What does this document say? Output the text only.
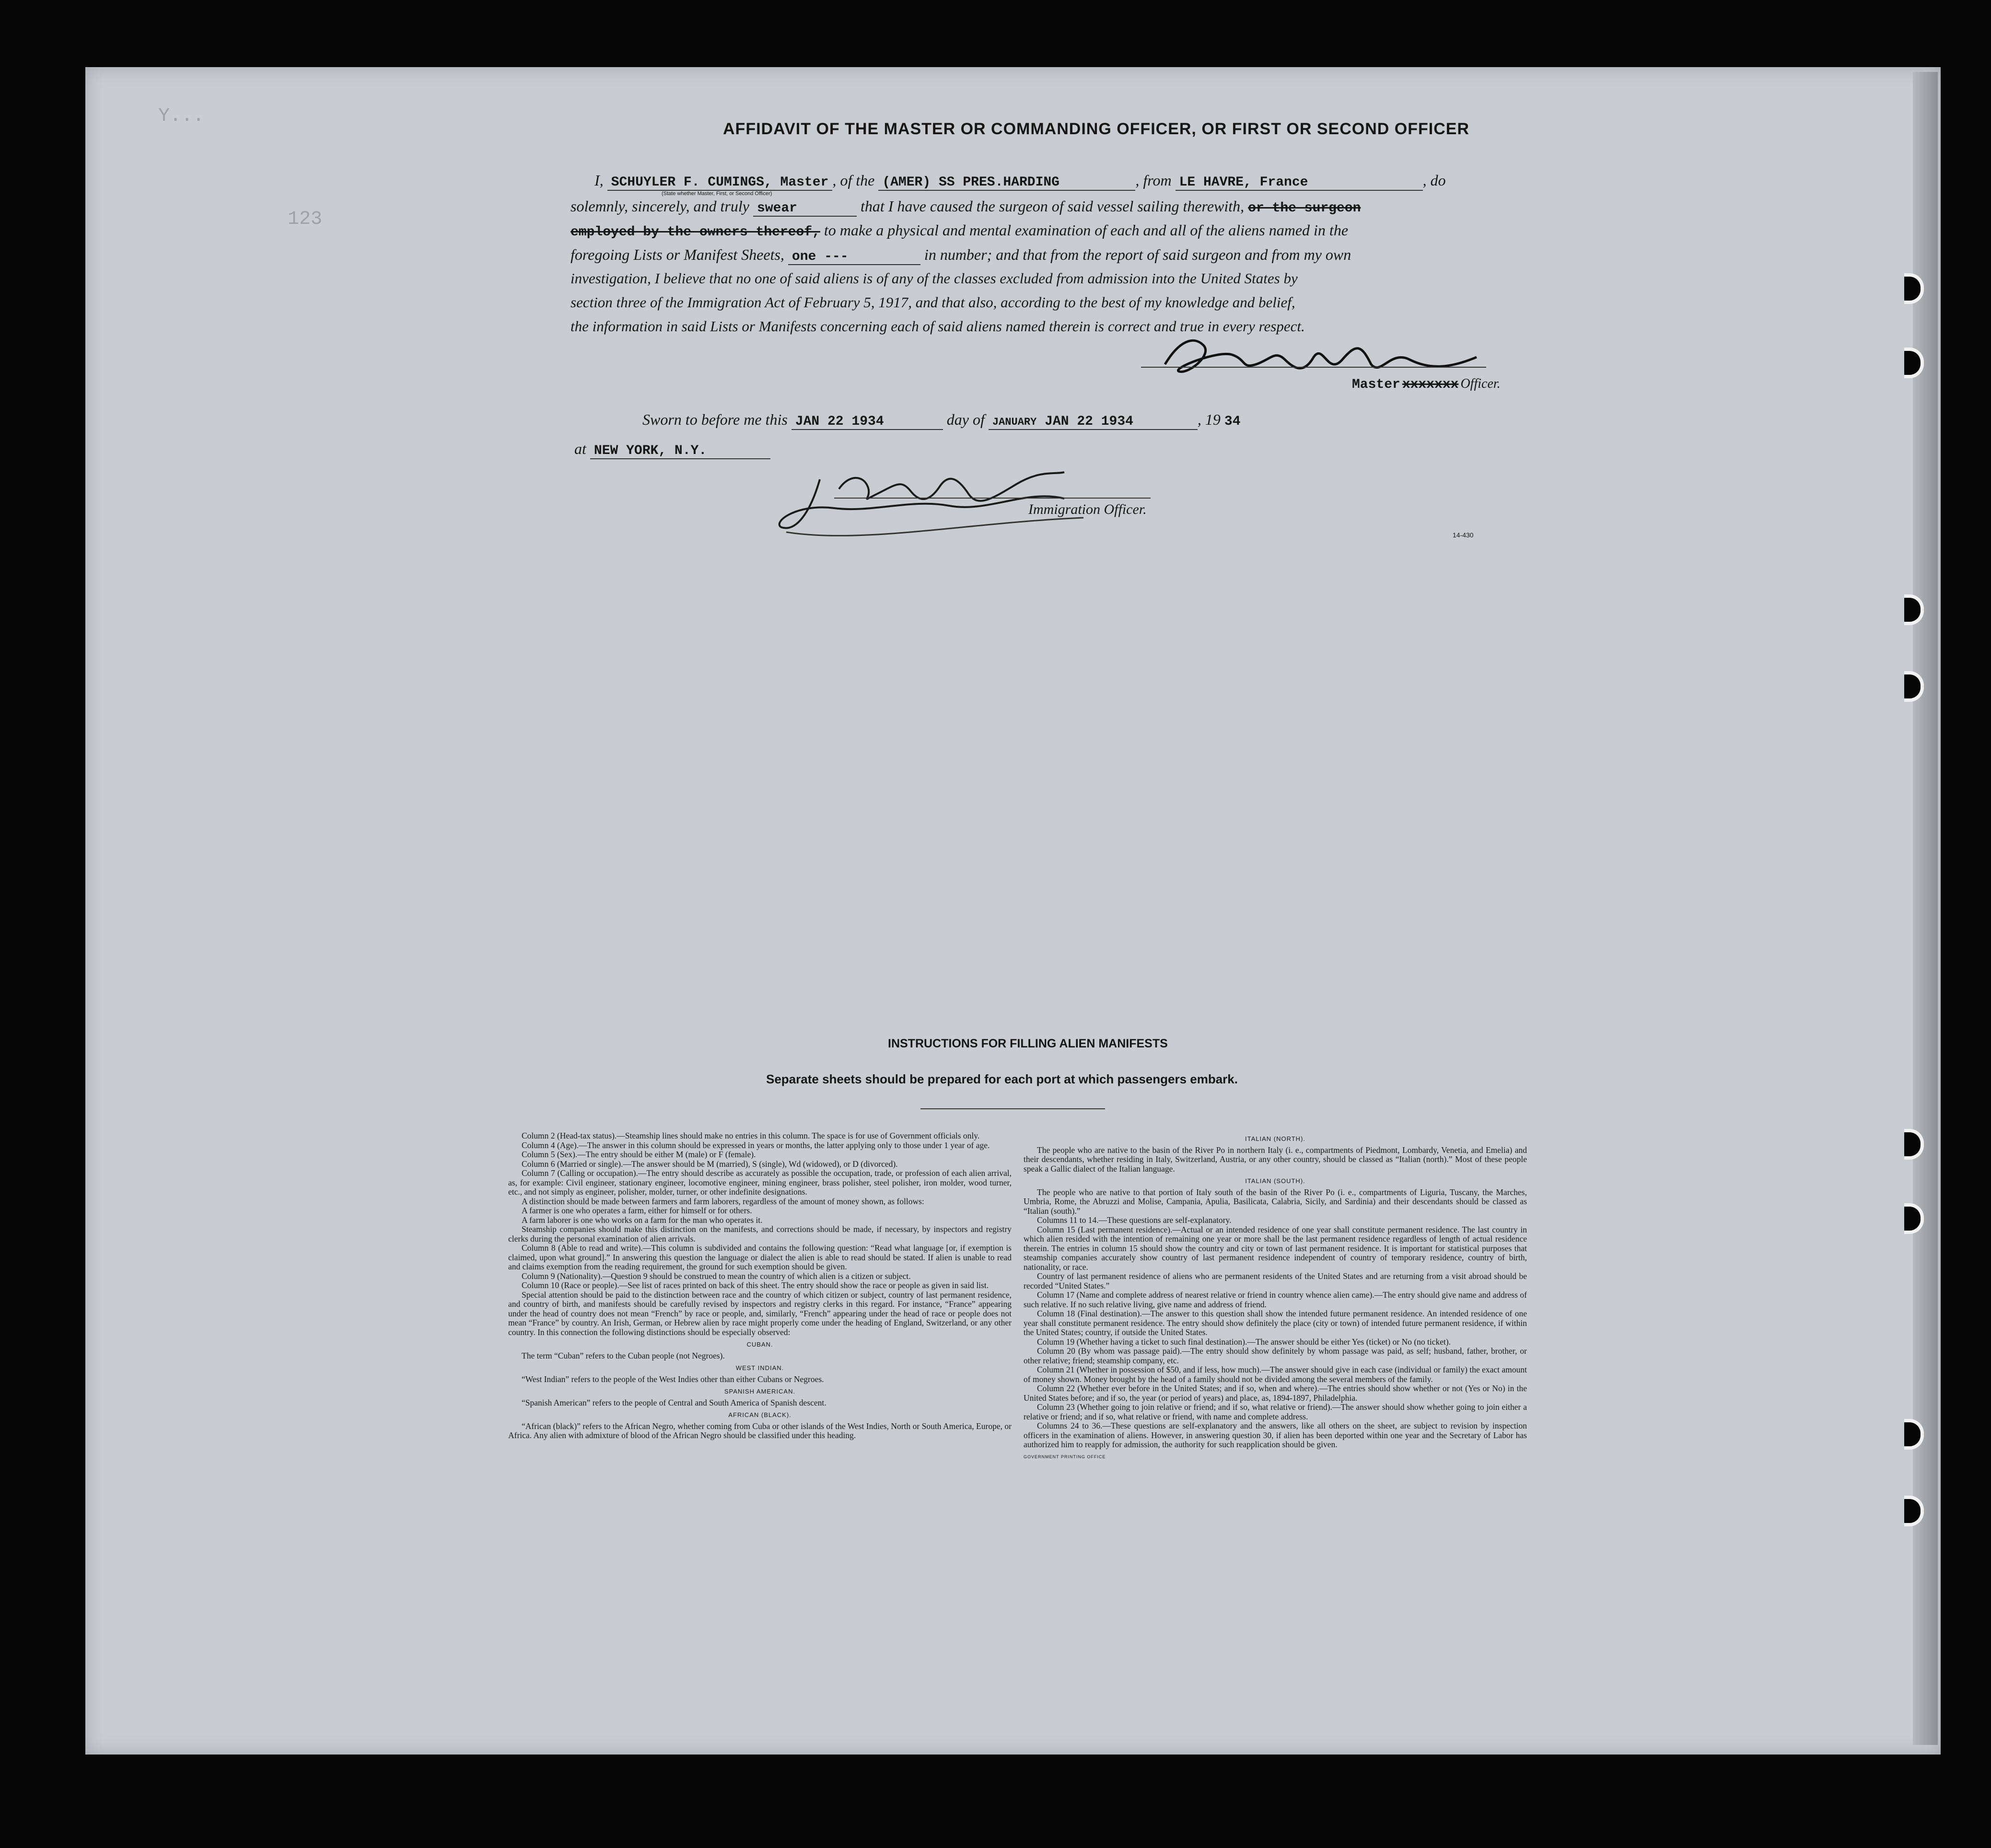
Y...
123
AFFIDAVIT OF THE MASTER OR COMMANDING OFFICER, OR FIRST OR SECOND OFFICER
I, SCHUYLER F. CUMINGS, Master , of the (AMER) SS PRES.HARDING	, from LE HAVRE, France	, do
(State whether Master, First, or Second Officer)
solemnly, sincerely, and truly swear	that I have caused the surgeon of said vessel sailing therewith, or the surgeon
employed by the owners thereof, to make a physical and mental examination of each and all of the aliens named in the
foregoing Lists or Manifest Sheets, one ---	in number; and that from the report of said surgeon and from my own
investigation, I believe that no one of said aliens is of any of the classes excluded from admission into the United States by
section three of the Immigration Act of February 5, 1917, and that also, according to the best of my knowledge and belief,
the information in said Lists or Manifests concerning each of said aliens named therein is correct and true in every respect.
Master xxxxxxx Officer.
Sworn to before me this JAN 22 1934	day of JANUARY JAN 22 1934	, 19 34
at NEW YORK, N.Y.
Immigration Officer.
14-430
INSTRUCTIONS FOR FILLING ALIEN MANIFESTS
Separate sheets should be prepared for each port at which passengers embark.

Column 2 (Head-tax status).—Steamship lines should make no entries in this column. The space is for use of Government officials only.

Column 4 (Age).—The answer in this column should be expressed in years or months, the latter applying only to those under 1 year of age.

Column 5 (Sex).—The entry should be either M (male) or F (female).

Column 6 (Married or single).—The answer should be M (married), S (single), Wd (widowed), or D (divorced).

Column 7 (Calling or occupation).—The entry should describe as accurately as possible the occupation, trade, or profession of each alien arrival, as, for example: Civil engineer, stationary engineer, locomotive engineer, mining engineer, brass polisher, steel polisher, iron molder, wood turner, etc., and not simply as engineer, polisher, molder, turner, or other indefinite designations.

A distinction should be made between farmers and farm laborers, regardless of the amount of money shown, as follows:

A farmer is one who operates a farm, either for himself or for others.

A farm laborer is one who works on a farm for the man who operates it.

Steamship companies should make this distinction on the manifests, and corrections should be made, if necessary, by inspectors and registry clerks during the personal examination of alien arrivals.

Column 8 (Able to read and write).—This column is subdivided and contains the following question: “Read what language [or, if exemption is claimed, upon what ground].” In answering this question the language or dialect the alien is able to read should be stated. If alien is unable to read and claims exemption from the reading requirement, the ground for such exemption should be given.

Column 9 (Nationality).—Question 9 should be construed to mean the country of which alien is a citizen or subject.

Column 10 (Race or people).—See list of races printed on back of this sheet. The entry should show the race or people as given in said list.

Special attention should be paid to the distinction between race and the country of which citizen or subject, country of last permanent residence, and country of birth, and manifests should be carefully revised by inspectors and registry clerks in this regard. For instance, “France” appearing under the head of country does not mean “French” by race or people, and, similarly, “French” appearing under the head of race or people does not mean “France” by country. An Irish, German, or Hebrew alien by race might properly come under the heading of England, Switzerland, or any other country. In this connection the following distinctions should be especially observed:

CUBAN.

The term “Cuban” refers to the Cuban people (not Negroes).

WEST INDIAN.

“West Indian” refers to the people of the West Indies other than either Cubans or Negroes.

SPANISH AMERICAN.

“Spanish American” refers to the people of Central and South America of Spanish descent.

AFRICAN (BLACK).

“African (black)” refers to the African Negro, whether coming from Cuba or other islands of the West Indies, North or South America, Europe, or Africa. Any alien with admixture of blood of the African Negro should be classified under this heading.

ITALIAN (NORTH).

The people who are native to the basin of the River Po in northern Italy (i. e., compartments of Piedmont, Lombardy, Venetia, and Emelia) and their descendants, whether residing in Italy, Switzerland, Austria, or any other country, should be classed as “Italian (north).” Most of these people speak a Gallic dialect of the Italian language.

ITALIAN (SOUTH).

The people who are native to that portion of Italy south of the basin of the River Po (i. e., compartments of Liguria, Tuscany, the Marches, Umbria, Rome, the Abruzzi and Molise, Campania, Apulia, Basilicata, Calabria, Sicily, and Sardinia) and their descendants should be classed as “Italian (south).”

Columns 11 to 14.—These questions are self-explanatory.

Column 15 (Last permanent residence).—Actual or an intended residence of one year shall constitute permanent residence. The last country in which alien resided with the intention of remaining one year or more shall be the last permanent residence regardless of length of actual residence therein. The entries in column 15 should show the country and city or town of last permanent residence. It is important for statistical purposes that steamship companies accurately show country of last permanent residence independent of country of temporary residence, country of birth, nationality, or race.

Country of last permanent residence of aliens who are permanent residents of the United States and are returning from a visit abroad should be recorded “United States.”

Column 17 (Name and complete address of nearest relative or friend in country whence alien came).—The entry should give name and address of such relative. If no such relative living, give name and address of friend.

Column 18 (Final destination).—The answer to this question shall show the intended future permanent residence. An intended residence of one year shall constitute permanent residence. The entry should show definitely the place (city or town) of intended future permanent residence, if within the United States; country, if outside the United States.

Column 19 (Whether having a ticket to such final destination).—The answer should be either Yes (ticket) or No (no ticket).

Column 20 (By whom was passage paid).—The entry should show definitely by whom passage was paid, as self; husband, father, brother, or other relative; friend; steamship company, etc.

Column 21 (Whether in possession of $50, and if less, how much).—The answer should give in each case (individual or family) the exact amount of money shown. Money brought by the head of a family should not be divided among the several members of the family.

Column 22 (Whether ever before in the United States; and if so, when and where).—The entries should show whether or not (Yes or No) in the United States before; and if so, the year (or period of years) and place, as, 1894-1897, Philadelphia.

Column 23 (Whether going to join relative or friend; and if so, what relative or friend).—The answer should show whether going to join either a relative or friend; and if so, what relative or friend, with name and complete address.

Columns 24 to 36.—These questions are self-explanatory and the answers, like all others on the sheet, are subject to revision by inspection officers in the examination of aliens. However, in answering question 30, if alien has been deported within one year and the Secretary of Labor has authorized him to reapply for admission, the authority for such reapplication should be given.

GOVERNMENT PRINTING OFFICE
